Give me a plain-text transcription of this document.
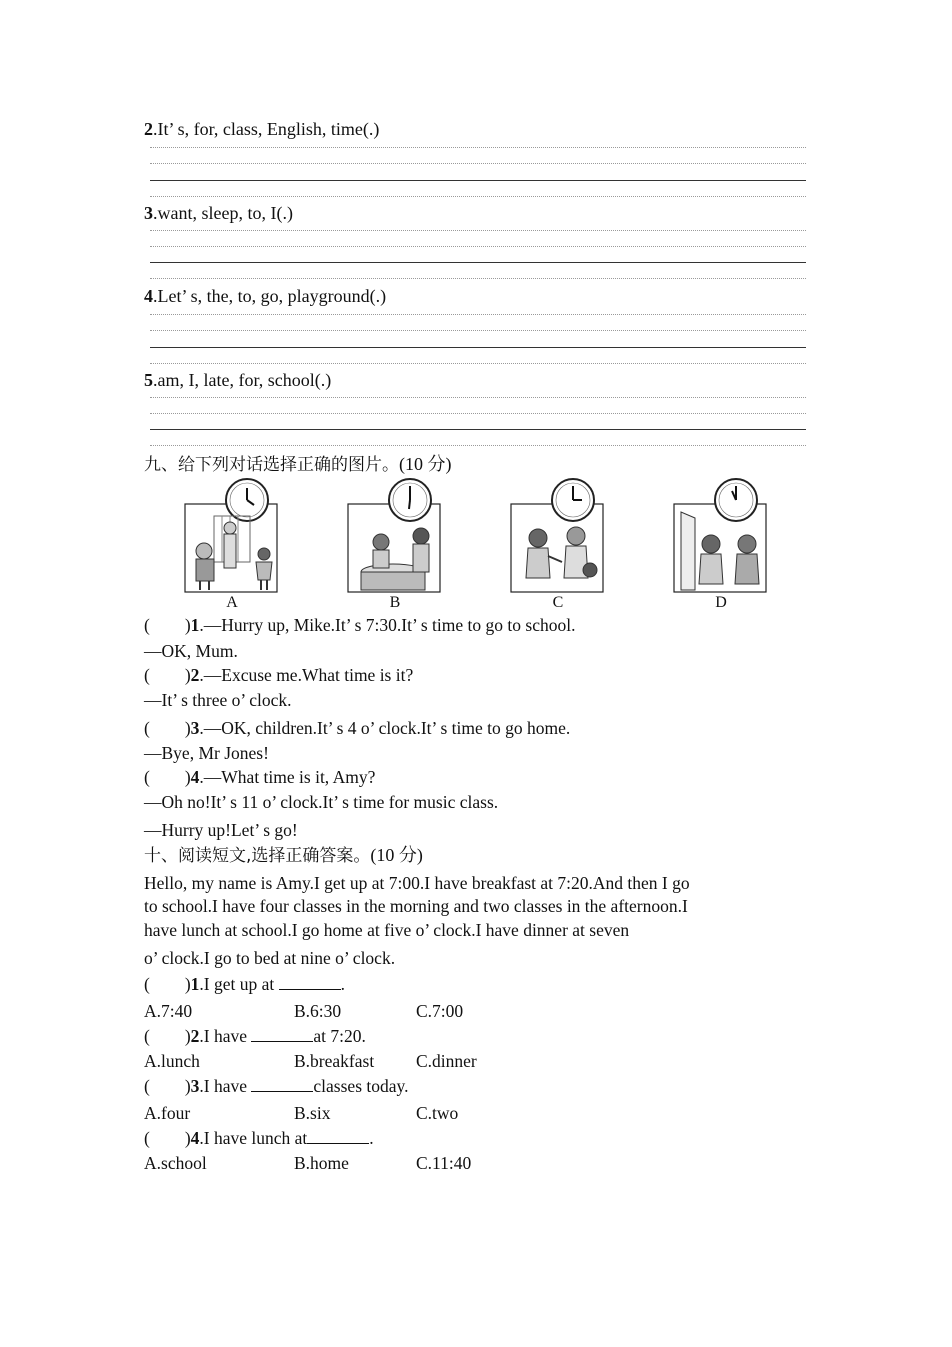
2.It’ s, for, class, English, time(.)
3.want, sleep, to, I(.)
4.Let’ s, the, to, go, playground(.)
5.am, I, late, for, school(.)
九、给下列对话选择正确的图片。(10 分)
A	B	C	D
(        )1.—Hurry up, Mike.It’ s 7:30.It’ s time to go to school.
—OK, Mum.
(        )2.—Excuse me.What time is it?
—It’ s three o’ clock.
(        )3.—OK, children.It’ s 4 o’ clock.It’ s time to go home.
—Bye, Mr Jones!
(        )4.—What time is it, Amy?
—Oh no!It’ s 11 o’ clock.It’ s time for music class.
—Hurry up!Let’ s go!
十、阅读短文,选择正确答案。(10 分)
Hello, my name is Amy.I get up at 7:00.I have breakfast at 7:20.And then I go
to school.I have four classes in the morning and two classes in the afternoon.I
have lunch at school.I go home at five o’ clock.I have dinner at seven
o’ clock.I go to bed at nine o’ clock.
(        )1.I get up at	.
A.7:40	B.6:30	C.7:00
(        )2.I have	at 7:20.
A.lunch	B.breakfast C.dinner
(        )3.I have	classes today.
A.four	B.six	C.two
(        )4.I have lunch at	.
A.school	B.home	C.11:40
